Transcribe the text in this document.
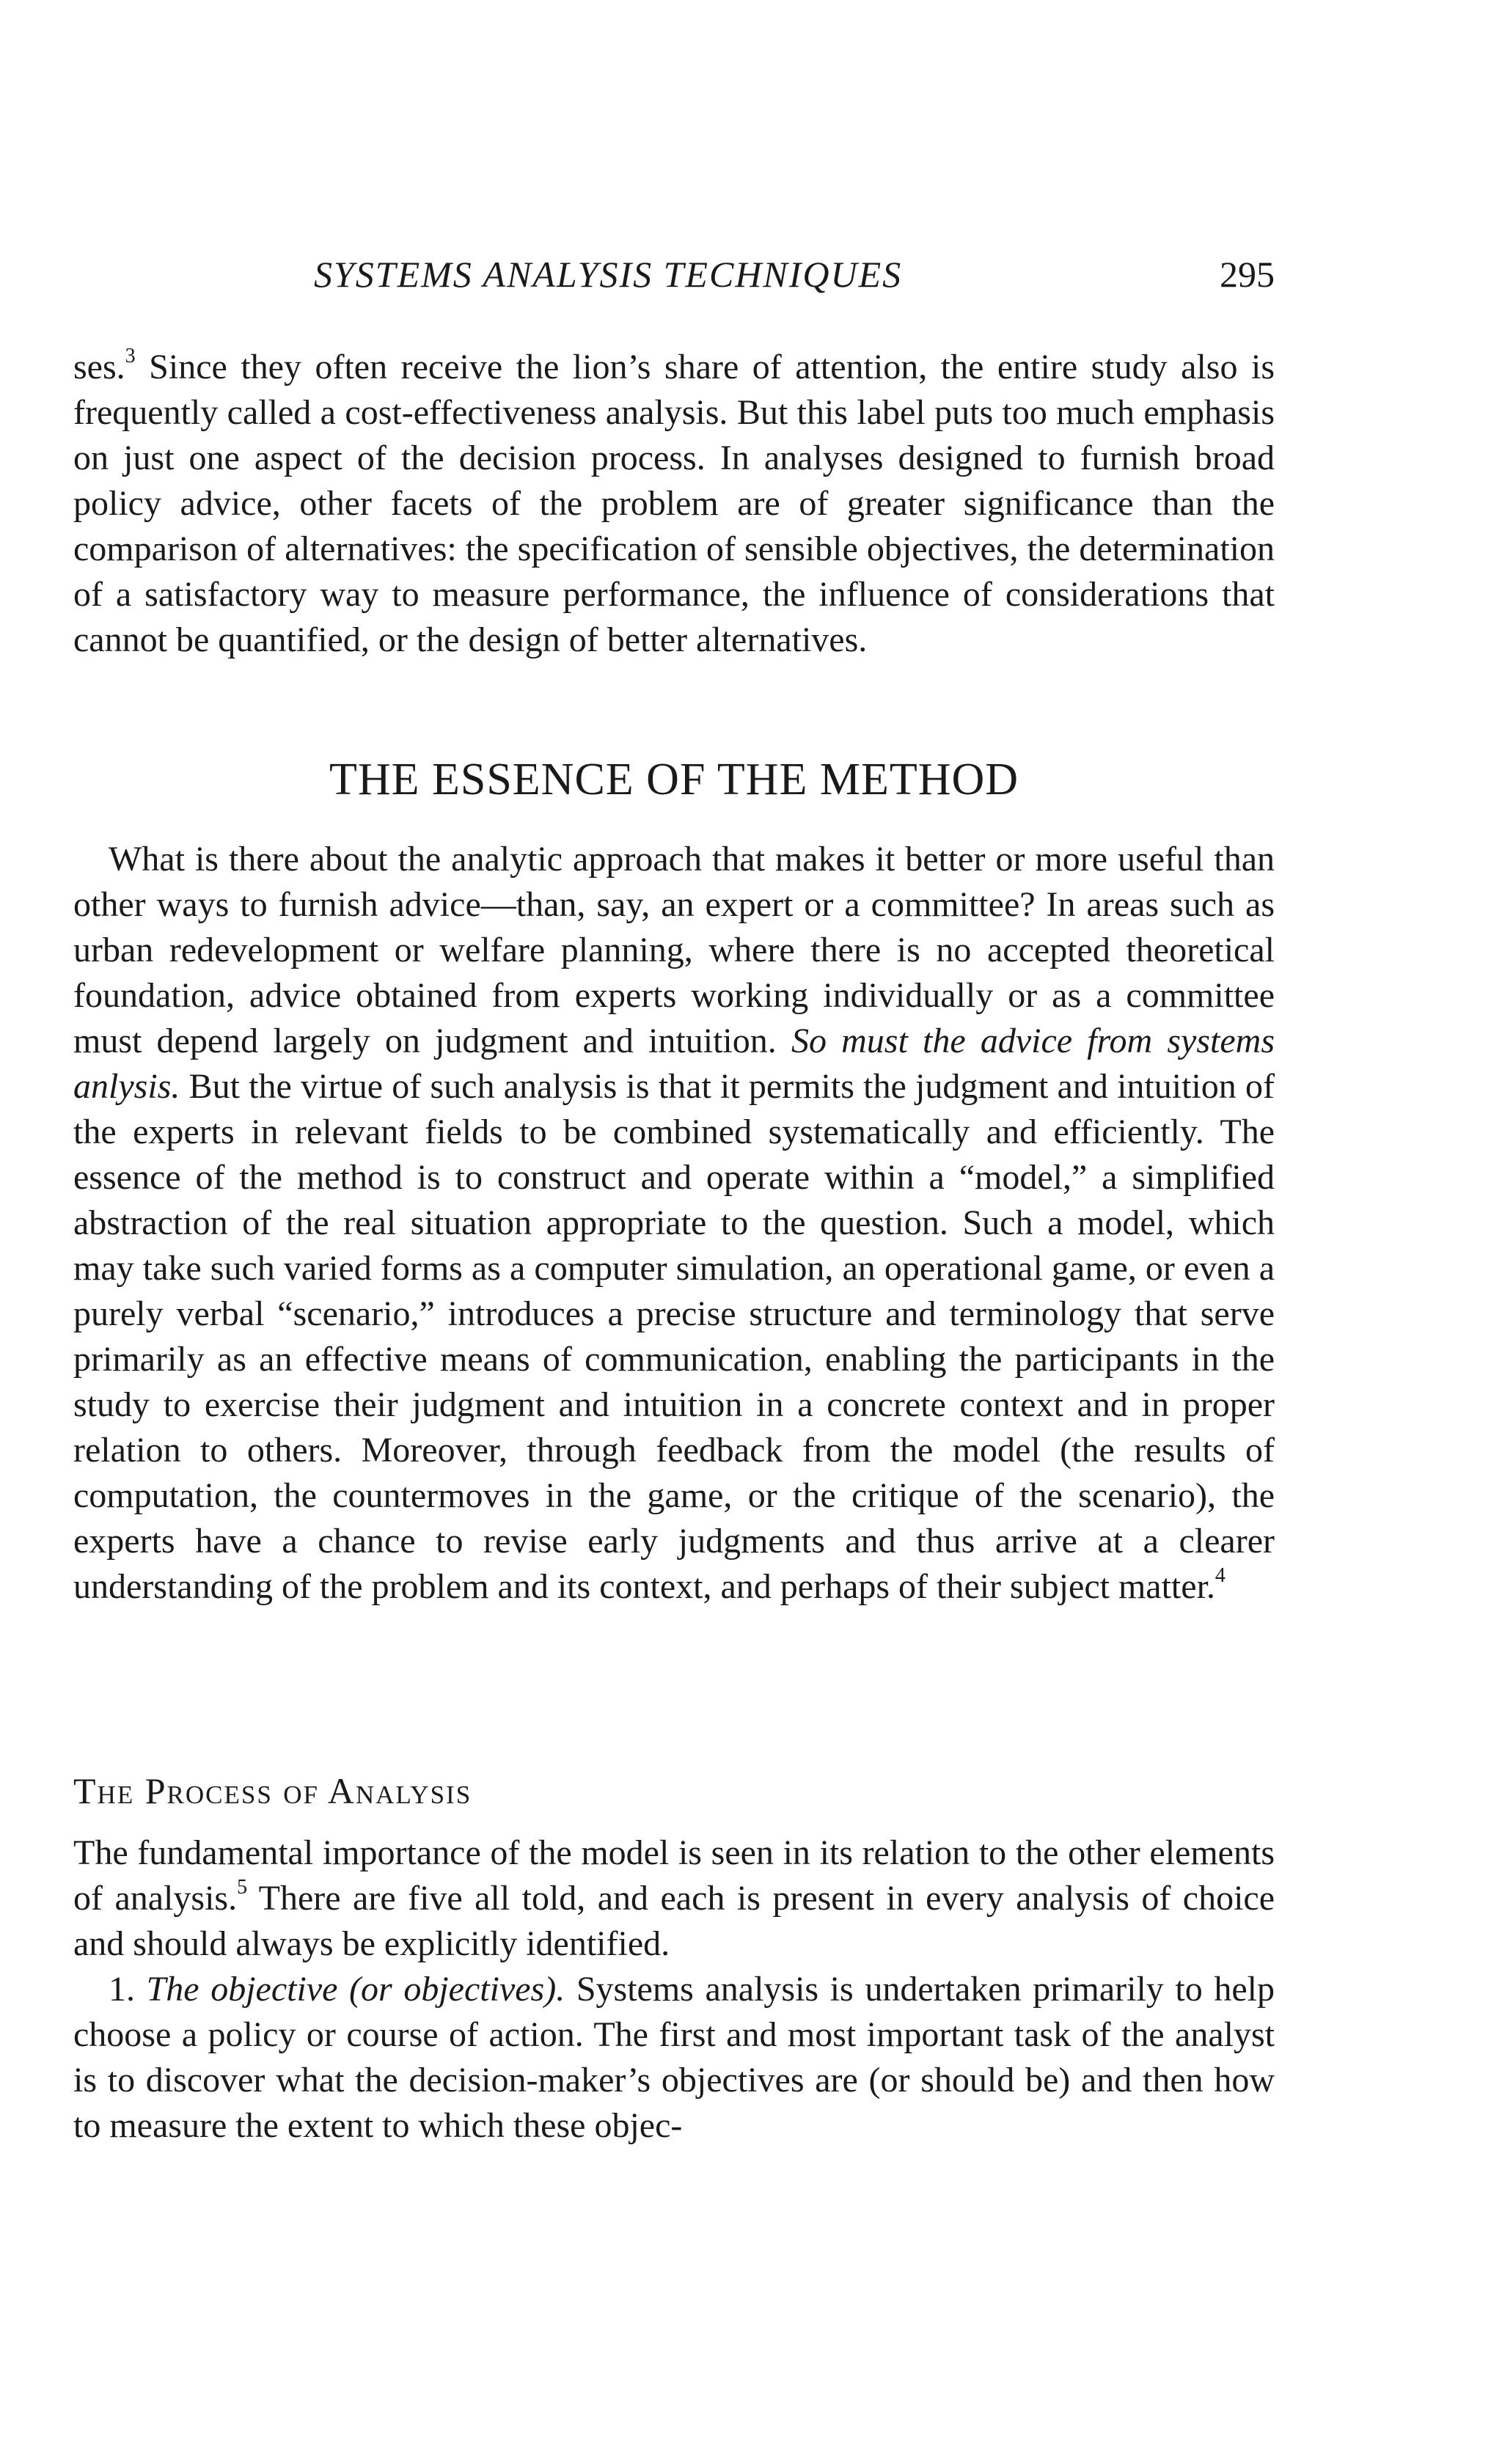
SYSTEMS ANALYSIS TECHNIQUES	295

ses.$^3$ Since they often receive the lion’s share of attention, the entire study also is frequently called a cost-effectiveness analysis. But this label puts too much emphasis on just one aspect of the decision process. In analyses designed to furnish broad policy advice, other facets of the problem are of greater significance than the comparison of alternatives: the specification of sensible objectives, the determination of a satisfactory way to measure performance, the influence of considerations that cannot be quantified, or the design of better alternatives.

THE ESSENCE OF THE METHOD

What is there about the analytic approach that makes it better or more useful than other ways to furnish advice—than, say, an expert or a committee? In areas such as urban redevelopment or welfare planning, where there is no accepted theoretical foundation, advice obtained from experts working individually or as a committee must depend largely on judgment and intuition. So must the advice from systems anlysis. But the virtue of such analysis is that it permits the judgment and intuition of the experts in relevant fields to be combined systematically and efficiently. The essence of the method is to construct and operate within a “model,” a simplified abstraction of the real situation appropriate to the question. Such a model, which may take such varied forms as a computer simulation, an operational game, or even a purely verbal “scenario,” introduces a precise structure and terminology that serve primarily as an effective means of communication, enabling the participants in the study to exercise their judgment and intuition in a concrete context and in proper relation to others. Moreover, through feedback from the model (the results of computation, the countermoves in the game, or the critique of the scenario), the experts have a chance to revise early judgments and thus arrive at a clearer understanding of the problem and its context, and perhaps of their subject matter.$^4$

The Process of Analysis

The fundamental importance of the model is seen in its relation to the other elements of analysis.$^5$ There are five all told, and each is present in every analysis of choice and should always be explicitly identified.

1. The objective (or objectives). Systems analysis is undertaken primarily to help choose a policy or course of action. The first and most important task of the analyst is to discover what the decision-maker’s objectives are (or should be) and then how to measure the extent to which these objec-
